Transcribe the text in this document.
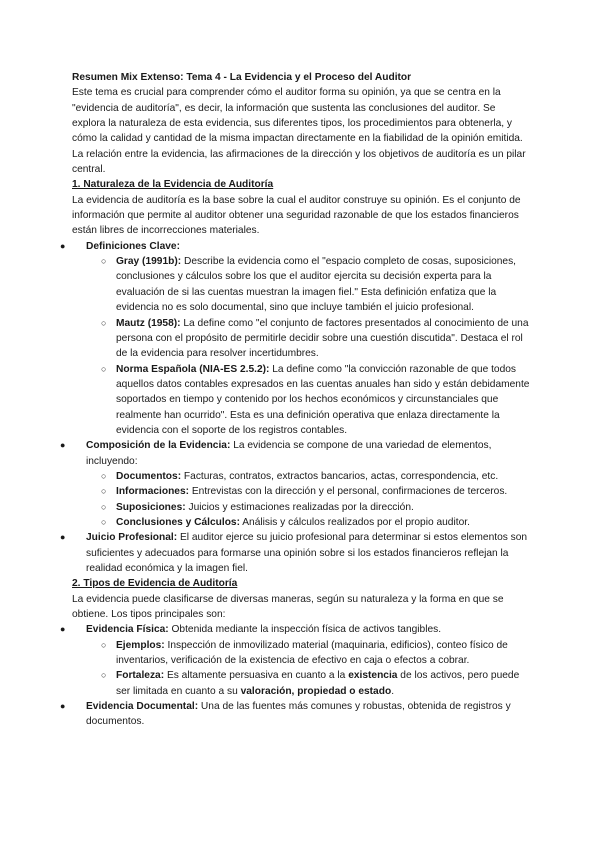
Resumen Mix Extenso: Tema 4 - La Evidencia y el Proceso del Auditor

Este tema es crucial para comprender cómo el auditor forma su opinión, ya que se centra en la "evidencia de auditoría", es decir, la información que sustenta las conclusiones del auditor. Se explora la naturaleza de esta evidencia, sus diferentes tipos, los procedimientos para obtenerla, y cómo la calidad y cantidad de la misma impactan directamente en la fiabilidad de la opinión emitida. La relación entre la evidencia, las afirmaciones de la dirección y los objetivos de auditoría es un pilar central.

1. Naturaleza de la Evidencia de Auditoría

La evidencia de auditoría es la base sobre la cual el auditor construye su opinión. Es el conjunto de información que permite al auditor obtener una seguridad razonable de que los estados financieros están libres de incorrecciones materiales.

● Definiciones Clave:
○ Gray (1991b): Describe la evidencia como el "espacio completo de cosas, suposiciones, conclusiones y cálculos sobre los que el auditor ejercita su decisión experta para la evaluación de si las cuentas muestran la imagen fiel." Esta definición enfatiza que la evidencia no es solo documental, sino que incluye también el juicio profesional.
○ Mautz (1958): La define como "el conjunto de factores presentados al conocimiento de una persona con el propósito de permitirle decidir sobre una cuestión discutida". Destaca el rol de la evidencia para resolver incertidumbres.
○ Norma Española (NIA-ES 2.5.2): La define como "la convicción razonable de que todos aquellos datos contables expresados en las cuentas anuales han sido y están debidamente soportados en tiempo y contenido por los hechos económicos y circunstanciales que realmente han ocurrido". Esta es una definición operativa que enlaza directamente la evidencia con el soporte de los registros contables.
● Composición de la Evidencia: La evidencia se compone de una variedad de elementos, incluyendo:
○ Documentos: Facturas, contratos, extractos bancarios, actas, correspondencia, etc.
○ Informaciones: Entrevistas con la dirección y el personal, confirmaciones de terceros.
○ Suposiciones: Juicios y estimaciones realizadas por la dirección.
○ Conclusiones y Cálculos: Análisis y cálculos realizados por el propio auditor.
● Juicio Profesional: El auditor ejerce su juicio profesional para determinar si estos elementos son suficientes y adecuados para formarse una opinión sobre si los estados financieros reflejan la realidad económica y la imagen fiel.
2. Tipos de Evidencia de Auditoría

La evidencia puede clasificarse de diversas maneras, según su naturaleza y la forma en que se obtiene. Los tipos principales son:

● Evidencia Física: Obtenida mediante la inspección física de activos tangibles.
○ Ejemplos: Inspección de inmovilizado material (maquinaria, edificios), conteo físico de inventarios, verificación de la existencia de efectivo en caja o efectos a cobrar.
○ Fortaleza: Es altamente persuasiva en cuanto a la existencia de los activos, pero puede ser limitada en cuanto a su valoración, propiedad o estado.
● Evidencia Documental: Una de las fuentes más comunes y robustas, obtenida de registros y documentos.
